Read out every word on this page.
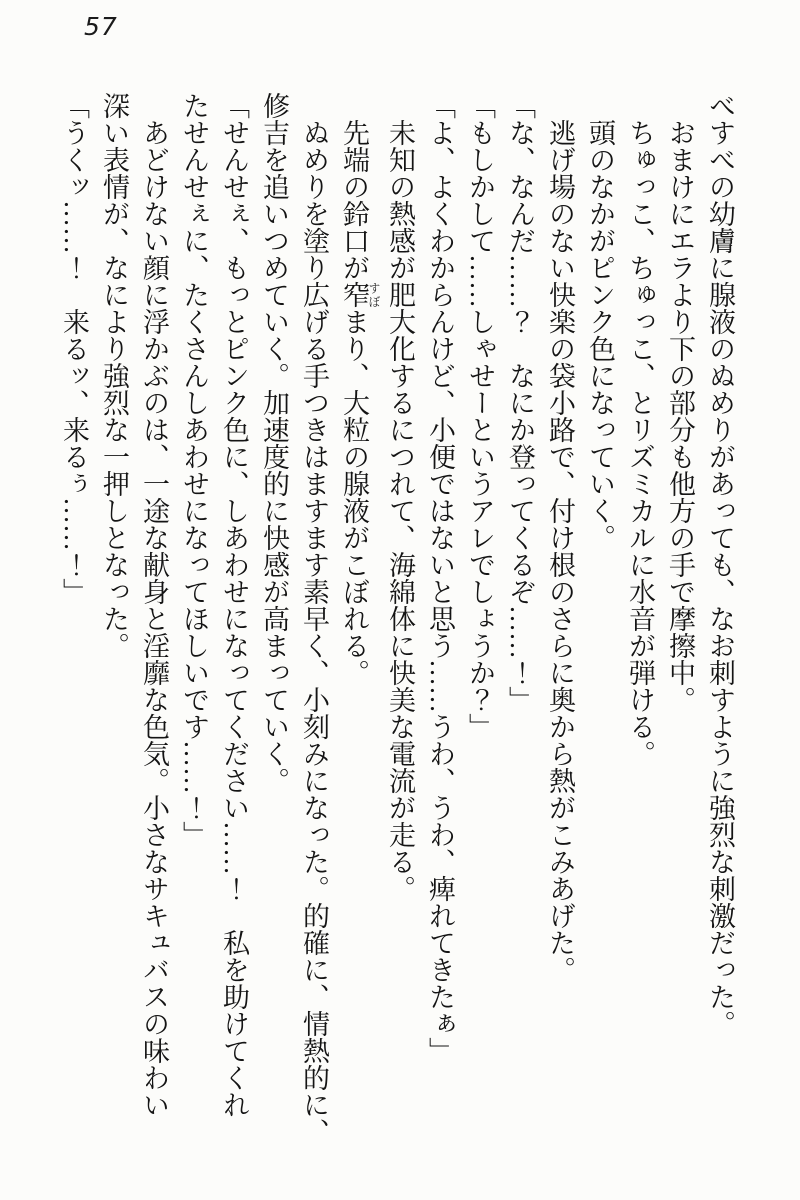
57
べすべの幼膚に腺液のぬめりがあっても、なお刺すように強烈な刺激だった。
おまけにエラより下の部分も他方の手で摩擦中。
ちゅっこ、ちゅっこ、とリズミカルに水音が弾ける。
頭のなかがピンク色になっていく。
逃げ場のない快楽の袋小路で、付け根のさらに奥から熱がこみあげた。
「な、なんだ……？　なにか登ってくるぞ……！」
「もしかして……しゃせーというアレでしょうか？」
「よ、よくわからんけど、小便ではないと思う……うわ、うわ、痺れてきたぁ」
未知の熱感が肥大化するにつれて、海綿体に快美な電流が走る。
先端の鈴口が窄すぼまり、大粒の腺液がこぼれる。
ぬめりを塗り広げる手つきはますます素早く、小刻みになった。的確に、情熱的に、
修吉を追いつめていく。加速度的に快感が高まっていく。
「せんせぇ、もっとピンク色に、しあわせになってください……！　私を助けてくれ
たせんせぇに、たくさんしあわせになってほしいです……！」
あどけない顔に浮かぶのは、一途な献身と淫靡な色気。小さなサキュバスの味わい
深い表情が、なにより強烈な一押しとなった。
「うくッ……！　来るッ、来るぅ……！」
